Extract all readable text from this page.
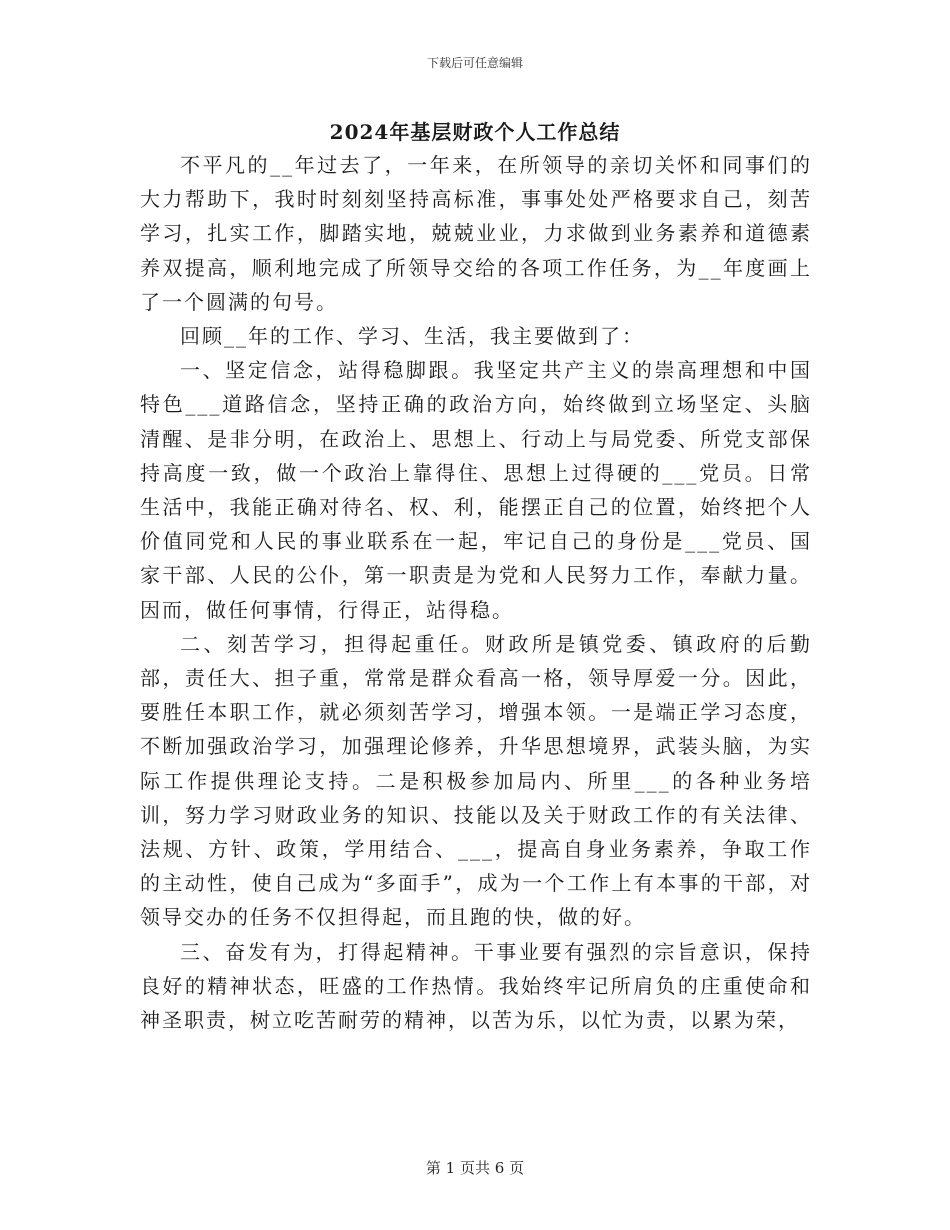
下载后可任意编辑
2024年基层财政个人工作总结

不平凡的__年过去了，一年来，在所领导的亲切关怀和同事们的大力帮助下，我时时刻刻坚持高标准，事事处处严格要求自己，刻苦学习，扎实工作，脚踏实地，兢兢业业，力求做到业务素养和道德素养双提高，顺利地完成了所领导交给的各项工作任务，为__年度画上了一个圆满的句号。

回顾__年的工作、学习、生活，我主要做到了：

一、坚定信念，站得稳脚跟。我坚定共产主义的崇高理想和中国特色___道路信念，坚持正确的政治方向，始终做到立场坚定、头脑清醒、是非分明，在政治上、思想上、行动上与局党委、所党支部保持高度一致，做一个政治上靠得住、思想上过得硬的___党员。日常生活中，我能正确对待名、权、利，能摆正自己的位置，始终把个人价值同党和人民的事业联系在一起，牢记自己的身份是___党员、国家干部、人民的公仆，第一职责是为党和人民努力工作，奉献力量。因而，做任何事情，行得正，站得稳。

二、刻苦学习，担得起重任。财政所是镇党委、镇政府的后勤部，责任大、担子重，常常是群众看高一格，领导厚爱一分。因此，要胜任本职工作，就必须刻苦学习，增强本领。一是端正学习态度，不断加强政治学习，加强理论修养，升华思想境界，武装头脑，为实际工作提供理论支持。二是积极参加局内、所里___的各种业务培训，努力学习财政业务的知识、技能以及关于财政工作的有关法律、法规、方针、政策，学用结合、___，提高自身业务素养，争取工作的主动性，使自己成为“多面手”，成为一个工作上有本事的干部，对领导交办的任务不仅担得起，而且跑的快，做的好。

三、奋发有为，打得起精神。干事业要有强烈的宗旨意识，保持良好的精神状态，旺盛的工作热情。我始终牢记所肩负的庄重使命和神圣职责，树立吃苦耐劳的精神，以苦为乐，以忙为责，以累为荣，

第 1 页共 6 页
